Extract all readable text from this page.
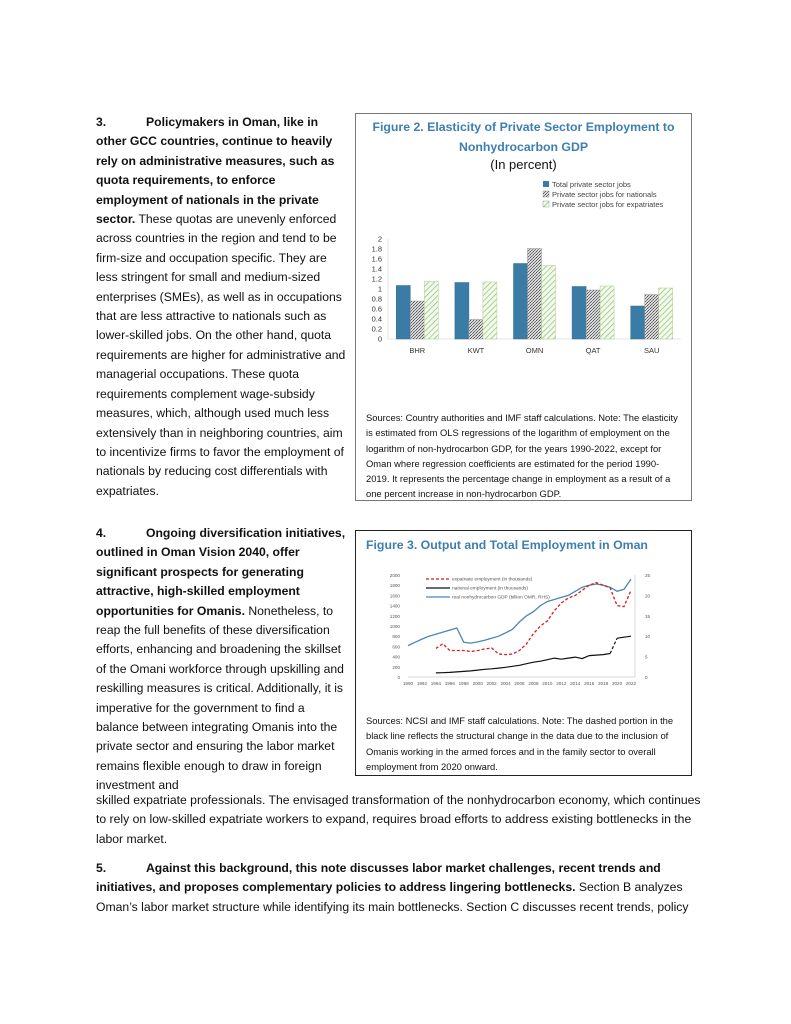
3.	Policymakers in Oman, like in other GCC countries, continue to heavily rely on administrative measures, such as quota requirements, to enforce employment of nationals in the private sector. These quotas are unevenly enforced across countries in the region and tend to be firm-size and occupation specific. They are less stringent for small and medium-sized enterprises (SMEs), as well as in occupations that are less attractive to nationals such as lower-skilled jobs. On the other hand, quota requirements are higher for administrative and managerial occupations. These quota requirements complement wage-subsidy measures, which, although used much less extensively than in neighboring countries, aim to incentivize firms to favor the employment of nationals by reducing cost differentials with expatriates.
Figure 2. Elasticity of Private Sector Employment to
Nonhydrocarbon GDP
(In percent)
Total private sector jobs
Private sector jobs for nationals
Private sector jobs for expatriates
0
0.2
0.4
0.6
0.8
1
1.2
1.4
1.6
1.8
2
BHR	KWT	OMN	QAT	SAU
Sources: Country authorities and IMF staff calculations. Note: The elasticity is estimated from OLS regressions of the logarithm of employment on the logarithm of non-hydrocarbon GDP, for the years 1990-2022, except for Oman where regression coefficients are estimated for the period 1990-2019. It represents the percentage change in employment as a result of a one percent increase in non-hydrocarbon GDP.
4.	Ongoing diversification initiatives, outlined in Oman Vision 2040, offer significant prospects for generating attractive, high-skilled employment opportunities for Omanis. Nonetheless, to reap the full benefits of these diversification efforts, enhancing and broadening the skillset of the Omani workforce through upskilling and reskilling measures is critical. Additionally, it is imperative for the government to find a balance between integrating Omanis into the private sector and ensuring the labor market remains flexible enough to draw in foreign investment and
Figure 3. Output and Total Employment in Oman
0
200
400
600
800
1000
1200
1400
1600
1800
2000
0
5
10
15
20
25
1990 1992 1994 1996 1998 2000 2002 2004 2006 2008 2010 2012 2014 2016 2018 2020 2022
expatriate employment (in thousands)
national employment (in thousands)
real nonhydrocarbon GDP (billion OMR, RHS)
Sources: NCSI and IMF staff calculations. Note: The dashed portion in the black line reflects the structural change in the data due to the inclusion of Omanis working in the armed forces and in the family sector to overall employment from 2020 onward.
skilled expatriate professionals. The envisaged transformation of the nonhydrocarbon economy, which continues to rely on low-skilled expatriate workers to expand, requires broad efforts to address existing bottlenecks in the labor market.
5.	Against this background, this note discusses labor market challenges, recent trends and initiatives, and proposes complementary policies to address lingering bottlenecks. Section B analyzes Oman’s labor market structure while identifying its main bottlenecks. Section C discusses recent trends, policy
